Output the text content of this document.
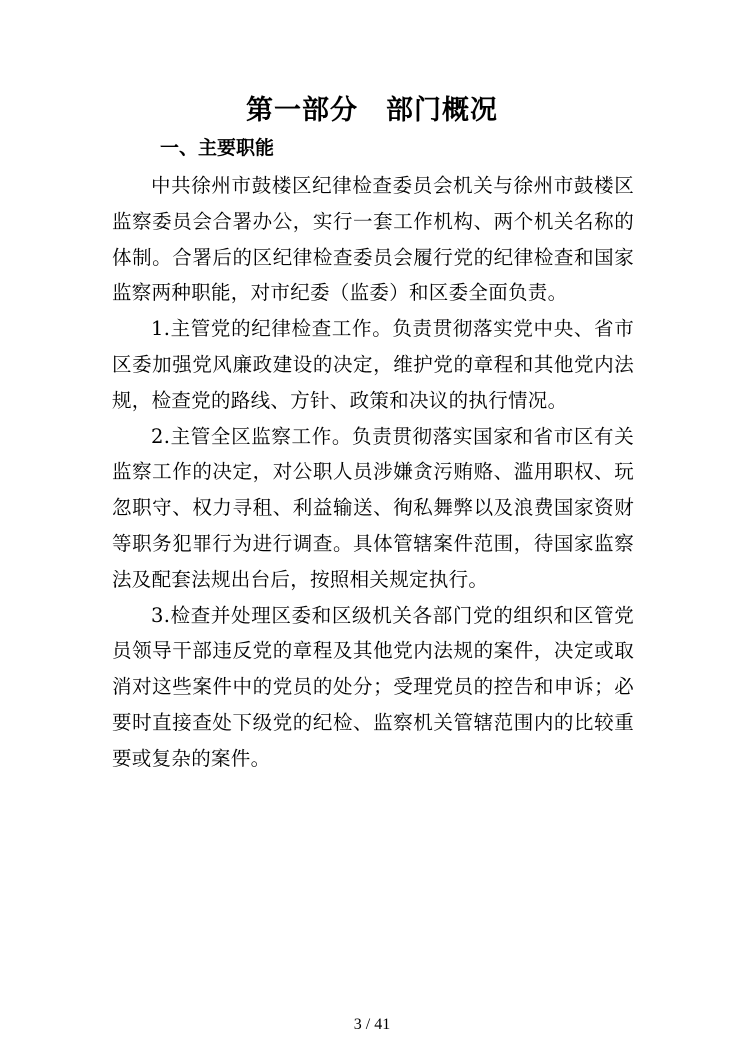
第一部分　部门概况
一、主要职能

中共徐州市鼓楼区纪律检查委员会机关与徐州市鼓楼区监察委员会合署办公，实行一套工作机构、两个机关名称的体制。合署后的区纪律检查委员会履行党的纪律检查和国家监察两种职能，对市纪委（监委）和区委全面负责。

1.主管党的纪律检查工作。负责贯彻落实党中央、省市区委加强党风廉政建设的决定，维护党的章程和其他党内法规，检查党的路线、方针、政策和决议的执行情况。

2.主管全区监察工作。负责贯彻落实国家和省市区有关监察工作的决定，对公职人员涉嫌贪污贿赂、滥用职权、玩忽职守、权力寻租、利益输送、徇私舞弊以及浪费国家资财等职务犯罪行为进行调查。具体管辖案件范围，待国家监察法及配套法规出台后，按照相关规定执行。

3.检查并处理区委和区级机关各部门党的组织和区管党员领导干部违反党的章程及其他党内法规的案件，决定或取消对这些案件中的党员的处分；受理党员的控告和申诉；必要时直接查处下级党的纪检、监察机关管辖范围内的比较重要或复杂的案件。

3 / 41
